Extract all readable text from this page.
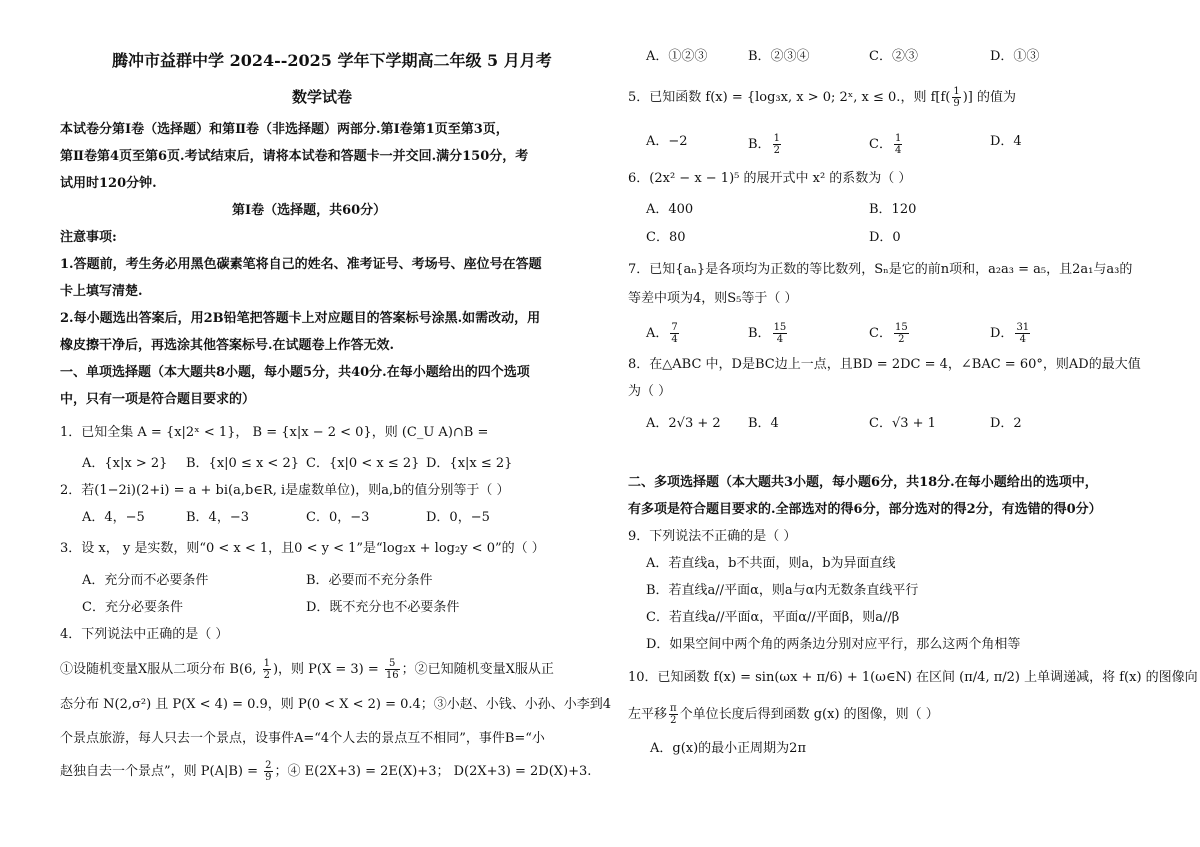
腾冲市益群中学 2024--2025 学年下学期高二年级 5 月月考
数学试卷
本试卷分第Ⅰ卷（选择题）和第Ⅱ卷（非选择题）两部分.第Ⅰ卷第1页至第3页，
第Ⅱ卷第4页至第6页.考试结束后，请将本试卷和答题卡一并交回.满分150分，考
试用时120分钟.
第Ⅰ卷（选择题，共60分）
注意事项:
1.答题前，考生务必用黑色碳素笔将自己的姓名、准考证号、考场号、座位号在答题
卡上填写清楚.
2.每小题选出答案后，用2B铅笔把答题卡上对应题目的答案标号涂黑.如需改动，用
橡皮擦干净后，再选涂其他答案标号.在试题卷上作答无效.
一、单项选择题（本大题共8小题，每小题5分，共40分.在每小题给出的四个选项
中，只有一项是符合题目要求的）
1．已知全集 A = {x|2ˣ < 1}， B = {x|x − 2 < 0}，则 (C_U A)∩B =
A．{x|x > 2} B．{x|0 ≤ x < 2} C．{x|0 < x ≤ 2} D．{x|x ≤ 2}
2．若(1−2i)(2+i) = a + bi(a,b∈R, i是虚数单位)，则a,b的值分别等于（ ）
A．4，−5	B．4，−3	C．0，−3	D．0，−5
3．设 x， y 是实数，则“0 < x < 1，且0 < y < 1”是“log₂x + log₂y < 0”的（ ）
A．充分而不必要条件	B．必要而不充分条件
C．充分必要条件	D．既不充分也不必要条件
4．下列说法中正确的是（ ）
①设随机变量X服从二项分布 B(6, $\frac{1}{2}$ )，则 $P(X = 3) = \frac{5}{16}$ ；②已知随机变量X服从正
态分布 N(2,σ²) 且 P(X < 4) = 0.9，则 P(0 < X < 2) = 0.4；③小赵、小钱、小孙、小李到4
个景点旅游，每人只去一个景点，设事件A=“4个人去的景点互不相同”，事件B=“小
赵独自去一个景点”，则 $P(A|B) = \frac{2}{9}$ ；④ E(2X+3) = 2E(X)+3； D(2X+3) = 2D(X)+3.
A．①②③	B．②③④	C．②③	D．①③
5．已知函数 f(x) = {log₃x, x > 0; 2ˣ, x ≤ 0.，则 $f[f( \frac{1}{9}$ )] 的值为
A．−2	B． $\frac{1}{2}$	C． $\frac{1}{4}$	D．4
6．(2x² − x − 1)⁵ 的展开式中 x² 的系数为（ ）
A．400	B．120
C．80	D．0
7．已知{aₙ}是各项均为正数的等比数列，Sₙ是它的前n项和，a₂a₃ = a₅，且2a₁与a₃的
等差中项为4，则S₅等于（ ）
A． $\frac{7}{4}$	B． $\frac{15}{4}$	C． $\frac{15}{2}$	D． $\frac{31}{4}$
8．在△ABC 中，D是BC边上一点，且BD = 2DC = 4，∠BAC = 60°，则AD的最大值
为（ ）
A．2√3 + 2 B．4	C．√3 + 1	D．2
二、多项选择题（本大题共3小题，每小题6分，共18分.在每小题给出的选项中，
有多项是符合题目要求的.全部选对的得6分，部分选对的得2分，有选错的得0分）
9．下列说法不正确的是（ ）
A．若直线a，b不共面，则a，b为异面直线
B．若直线a//平面α，则a与α内无数条直线平行
C．若直线a//平面α，平面α//平面β，则a//β
D．如果空间中两个角的两条边分别对应平行，那么这两个角相等
10．已知函数 f(x) = sin(ωx + π/6) + 1(ω∈N) 在区间 (π/4, π/2) 上单调递减，将 f(x) 的图像向
左平移 $\frac{\pi}{2}$ 个单位长度后得到函数 g(x) 的图像，则（ ）
A．g(x)的最小正周期为2π
